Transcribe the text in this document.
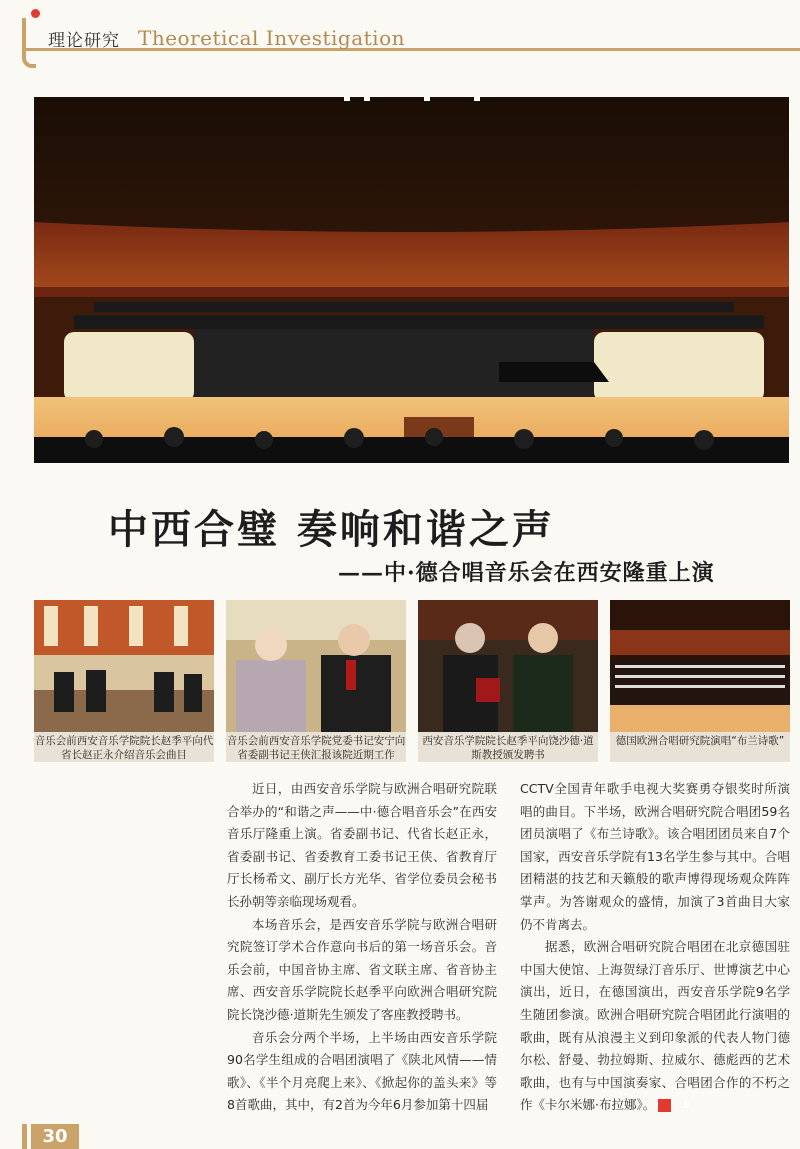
理论研究 Theoretical Investigation
中西合璧 奏响和谐之声
——中·德合唱音乐会在西安隆重上演
音乐会前西安音乐学院院长赵季平向代省长赵正永介绍音乐会曲目
音乐会前西安音乐学院党委书记安宁向省委副书记王侠汇报该院近期工作
西安音乐学院院长赵季平向饶沙德·道斯教授颁发聘书
德国欧洲合唱研究院演唱“布兰诗歌”

近日，由西安音乐学院与欧洲合唱研究院联合举办的“和谐之声——中·德合唱音乐会”在西安音乐厅隆重上演。省委副书记、代省长赵正永，省委副书记、省委教育工委书记王侠、省教育厅厅长杨希文、副厅长方光华、省学位委员会秘书长孙朝等亲临现场观看。

本场音乐会，是西安音乐学院与欧洲合唱研究院签订学术合作意向书后的第一场音乐会。音乐会前，中国音协主席、省文联主席、省音协主席、西安音乐学院院长赵季平向欧洲合唱研究院院长饶沙德·道斯先生颁发了客座教授聘书。

音乐会分两个半场，上半场由西安音乐学院90名学生组成的合唱团演唱了《陕北风情——情歌》、《半个月亮爬上来》、《掀起你的盖头来》等8首歌曲，其中，有2首为今年6月参加第十四届

CCTV全国青年歌手电视大奖赛勇夺银奖时所演唱的曲目。下半场，欧洲合唱研究院合唱团59名团员演唱了《布兰诗歌》。该合唱团团员来自7个国家，西安音乐学院有13名学生参与其中。合唱团精湛的技艺和天籁般的歌声博得现场观众阵阵掌声。为答谢观众的盛情，加演了3首曲目大家仍不肯离去。

据悉，欧洲合唱研究院合唱团在北京德国驻中国大使馆、上海贺绿汀音乐厅、世博演艺中心演出，近日，在德国演出，西安音乐学院9名学生随团参演。欧洲合唱研究院合唱团此行演唱的歌曲，既有从浪漫主义到印象派的代表人物门德尔松、舒曼、勃拉姆斯、拉威尔、德彪西的艺术歌曲，也有与中国演奏家、合唱团合作的不朽之作《卡尔米娜·布拉娜》。	E

30
